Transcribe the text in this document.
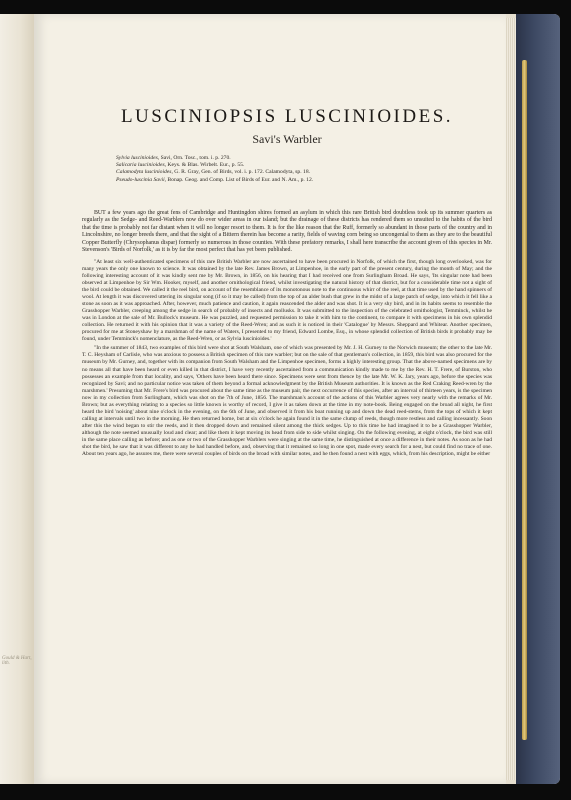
Gould & Hart, lith.
LUSCINIOPSIS LUSCINIOIDES.
Savi's Warbler

Sylvia luscinioides, Savi, Orn. Tosc., tom. i. p. 270.

Salicaria luscinioides, Keys. & Blas. Wirbelt. Eur., p. 55.

Calamodyta luscinioides, G. R. Gray, Gen. of Birds, vol. i. p. 172. Calamodyta, sp. 18.

Pseudo-luscinia Savii, Bonap. Geog. and Comp. List of Birds of Eur. and N. Am., p. 12.

BUT a few years ago the great fens of Cambridge and Huntingdon shires formed an asylum in which this rare British bird doubtless took up its summer quarters as regularly as the Sedge- and Reed-Warblers now do over wider areas in our island; but the drainage of these districts has rendered them so unsuited to the habits of the bird that the time is probably not far distant when it will no longer resort to them. It is for the like reason that the Ruff, formerly so abundant in those parts of the country and in Lincolnshire, no longer breeds there, and that the sight of a Bittern therein has become a rarity, fields of waving corn being so uncongenial to them as they are to the beautiful Copper Butterfly (Chrysophanus dispar) formerly so numerous in those counties. With these prefatory remarks, I shall here transcribe the account given of this species in Mr. Stevenson's 'Birds of Norfolk,' as it is by far the most perfect that has yet been published.

"At least six well-authenticated specimens of this rare British Warbler are now ascertained to have been procured in Norfolk, of which the first, though long overlooked, was for many years the only one known to science. It was obtained by the late Rev. James Brown, at Limpenhoe, in the early part of the present century, during the month of May; and the following interesting account of it was kindly sent me by Mr. Brown, in 1856, on his hearing that I had received one from Surlingham Broad. He says, 'Its singular note had been observed at Limpenhoe by Sir Wm. Hooker, myself, and another ornithological friend, whilst investigating the natural history of that district, but for a considerable time not a sight of the bird could be obtained. We called it the reel bird, on account of the resemblance of its monotonous note to the continuous whirr of the reel, at that time used by the hand spinners of wool. At length it was discovered uttering its singular song (if so it may be called) from the top of an alder bush that grew in the midst of a large patch of sedge, into which it fell like a stone as soon as it was approached. After, however, much patience and caution, it again reascended the alder and was shot. It is a very shy bird, and in its habits seems to resemble the Grasshopper Warbler, creeping among the sedge in search of probably of insects and mollusks. It was submitted to the inspection of the celebrated ornithologist, Temminck, whilst he was in London at the sale of Mr. Bullock's museum. He was puzzled, and requested permission to take it with him to the continent, to compare it with specimens in his own splendid collection. He returned it with his opinion that it was a variety of the Reed-Wren; and as such it is noticed in their 'Catalogue' by Messrs. Sheppard and Whitear. Another specimen, procured for me at Stoneyshaw by a marshman of the name of Waters, I presented to my friend, Edward Lombe, Esq., in whose splendid collection of British birds it probably may be found, under Temminck's nomenclature, as the Reed-Wren, or as Sylvia luscinioides.'

"In the summer of 1843, two examples of this bird were shot at South Walsham, one of which was presented by Mr. J. H. Gurney to the Norwich museum; the other to the late Mr. T. C. Heysham of Carlisle, who was anxious to possess a British specimen of this rare warbler; but on the sale of that gentleman's collection, in 1859, this bird was also procured for the museum by Mr. Gurney, and, together with its companion from South Walsham and the Limpenhoe specimen, forms a highly interesting group. That the above-named specimens are by no means all that have been heard or even killed in that district, I have very recently ascertained from a communication kindly made to me by the Rev. H. T. Frere, of Burston, who possesses an example from that locality, and says, 'Others have been heard there since. Specimens were sent from thence by the late Mr. W. K. Jary, years ago, before the species was recognized by Savi; and no particular notice was taken of them beyond a formal acknowledgment by the British Museum authorities. It is known as the Red Craking Reed-wren by the marshmen.' Presuming that Mr. Frere's bird was procured about the same time as the museum pair, the next occurrence of this species, after an interval of thirteen years, is the specimen now in my collection from Surlingham, which was shot on the 7th of June, 1856. The marshman's account of the actions of this Warbler agrees very nearly with the remarks of Mr. Brown; but as everything relating to a species so little known is worthy of record, I give it as taken down at the time in my note-book. Being engaged on the broad all night, he first heard the bird 'noising' about nine o'clock in the evening, on the 6th of June, and observed it from his boat running up and down the dead reed-stems, from the tops of which it kept calling at intervals until two in the morning. He then returned home, but at six o'clock he again found it in the same clump of reeds, though more restless and calling incessantly. Soon after this the wind began to stir the reeds, and it then dropped down and remained silent among the thick sedges. Up to this time he had imagined it to be a Grasshopper Warbler, although the note seemed unusually loud and clear; and like them it kept moving its head from side to side whilst singing. On the following evening, at eight o'clock, the bird was still in the same place calling as before; and as one or two of the Grasshopper Warblers were singing at the same time, he distinguished at once a difference in their notes. As soon as he had shot the bird, he saw that it was different to any he had handled before, and, observing that it remained so long in one spot, made every search for a nest, but could find no trace of one. About ten years ago, he assures me, there were several couples of birds on the broad with similar notes, and he then found a nest with eggs, which, from his description, might be either
